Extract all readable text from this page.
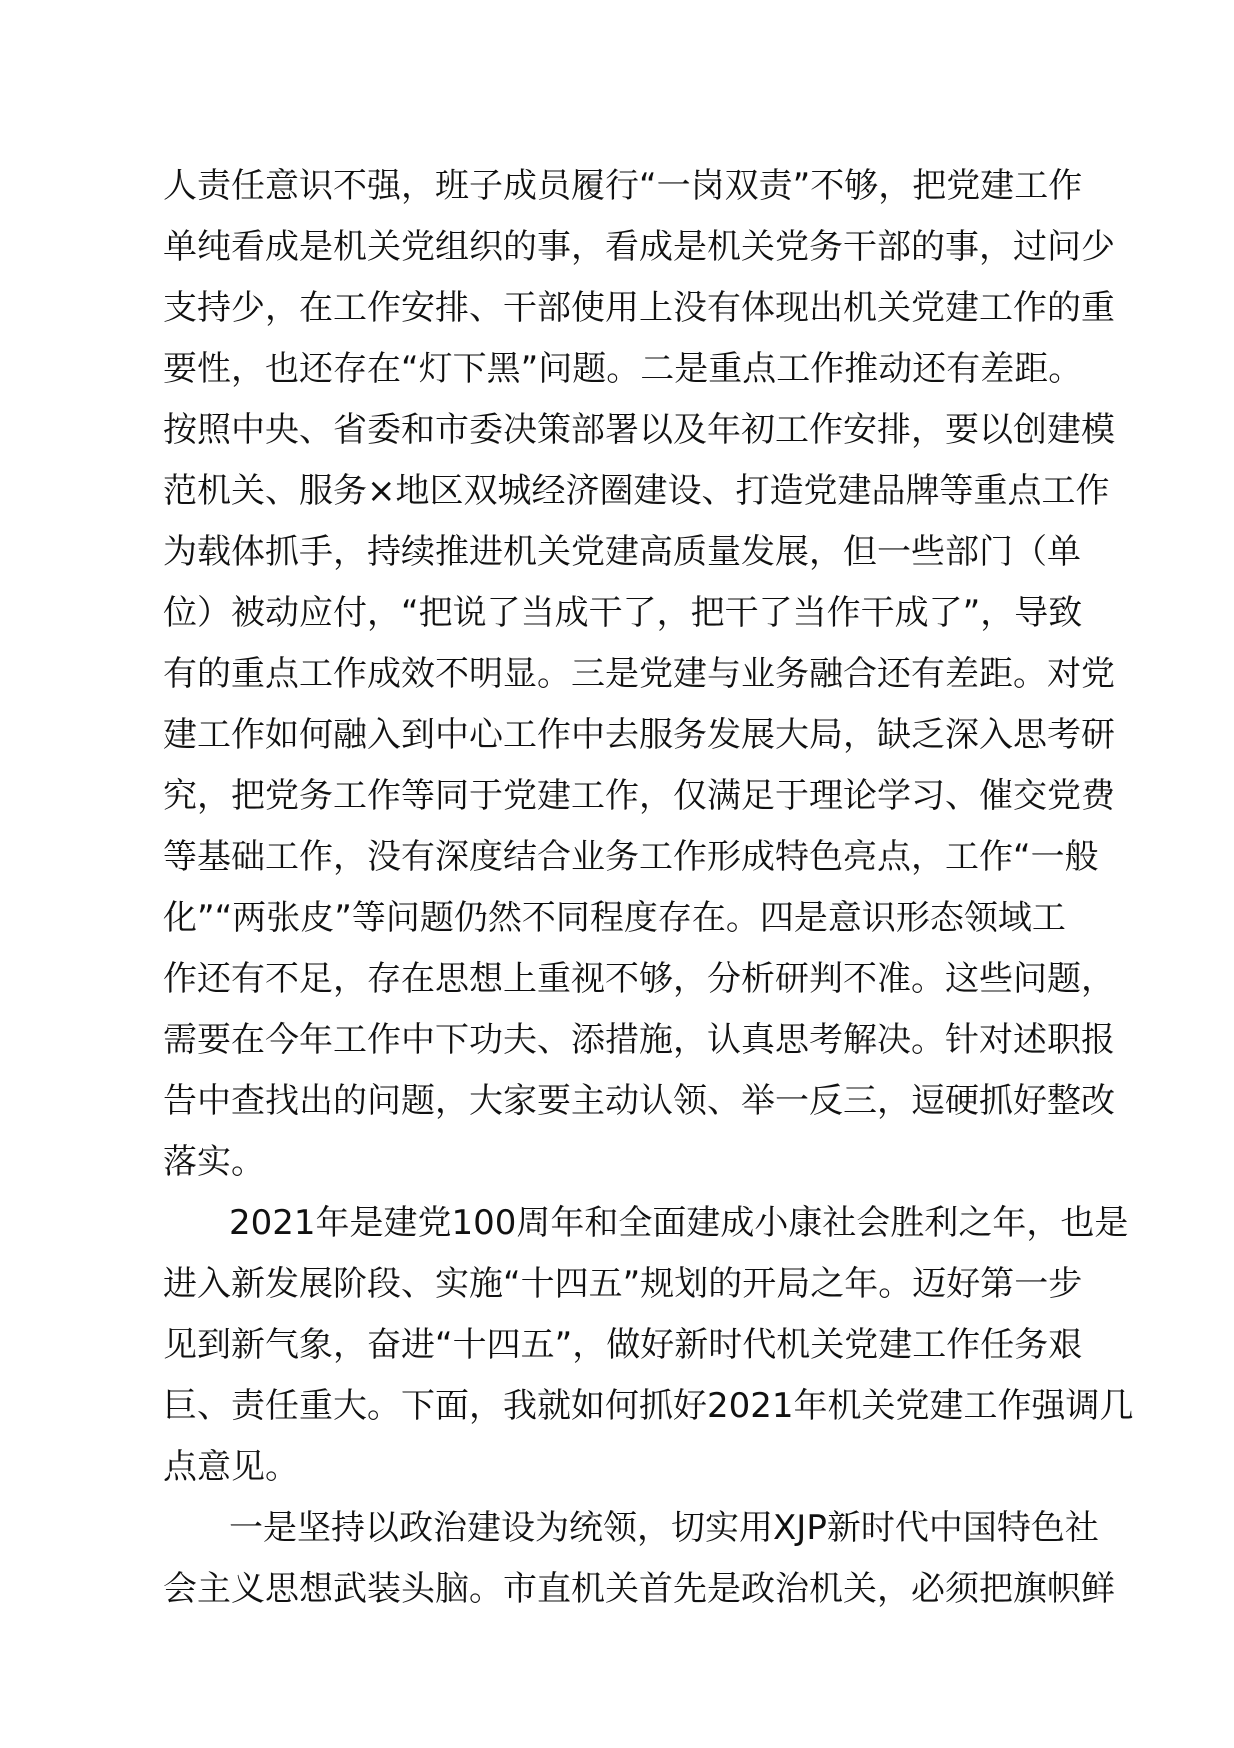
人责任意识不强，班子成员履行“一岗双责”不够，把党建工作
单纯看成是机关党组织的事，看成是机关党务干部的事，过问少
支持少，在工作安排、干部使用上没有体现出机关党建工作的重
要性，也还存在“灯下黑”问题。二是重点工作推动还有差距。
按照中央、省委和市委决策部署以及年初工作安排，要以创建模
范机关、服务×地区双城经济圈建设、打造党建品牌等重点工作
为载体抓手，持续推进机关党建高质量发展，但一些部门（单
位）被动应付，“把说了当成干了，把干了当作干成了”，导致
有的重点工作成效不明显。三是党建与业务融合还有差距。对党
建工作如何融入到中心工作中去服务发展大局，缺乏深入思考研
究，把党务工作等同于党建工作，仅满足于理论学习、催交党费
等基础工作，没有深度结合业务工作形成特色亮点，工作“一般
化”“两张皮”等问题仍然不同程度存在。四是意识形态领域工
作还有不足，存在思想上重视不够，分析研判不准。这些问题，
需要在今年工作中下功夫、添措施，认真思考解决。针对述职报
告中查找出的问题，大家要主动认领、举一反三，逗硬抓好整改
落实。
2021年是建党100周年和全面建成小康社会胜利之年，也是
进入新发展阶段、实施“十四五”规划的开局之年。迈好第一步
见到新气象，奋进“十四五”，做好新时代机关党建工作任务艰
巨、责任重大。下面，我就如何抓好2021年机关党建工作强调几
点意见。
一是坚持以政治建设为统领，切实用XJP新时代中国特色社
会主义思想武装头脑。市直机关首先是政治机关，必须把旗帜鲜
